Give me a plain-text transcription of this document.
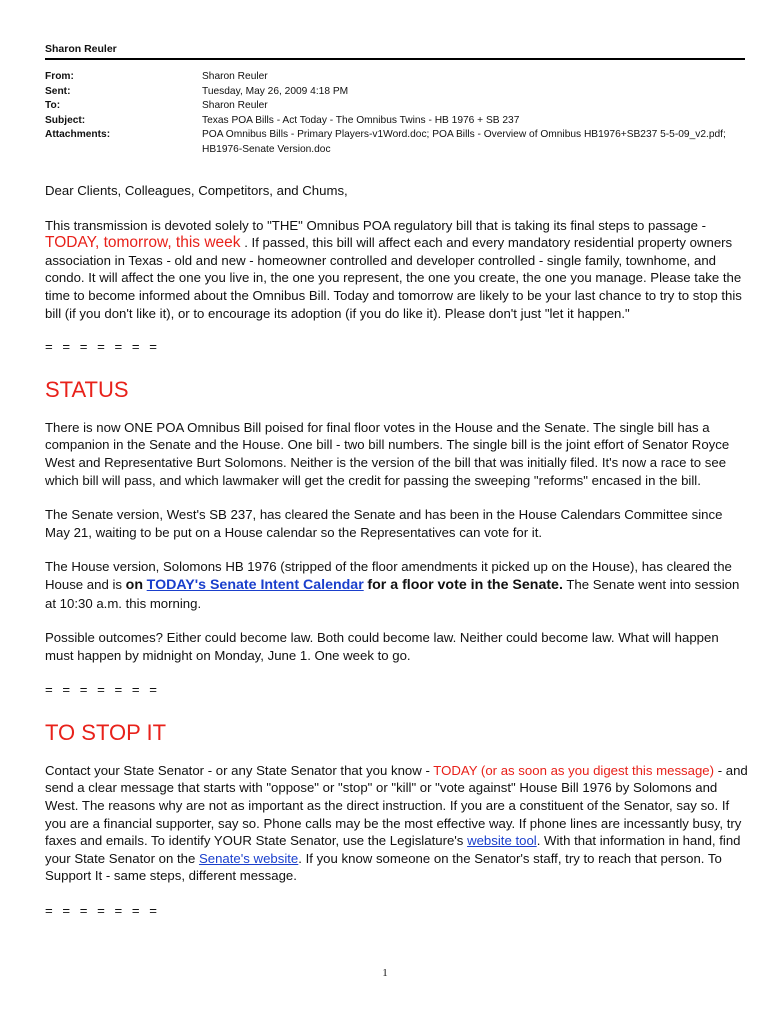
Sharon Reuler
From:	Sharon Reuler
Sent:	Tuesday, May 26, 2009 4:18 PM
To:	Sharon Reuler
Subject:	Texas POA Bills - Act Today - The Omnibus Twins - HB 1976 + SB 237
Attachments:	POA Omnibus Bills - Primary Players-v1Word.doc; POA Bills - Overview of Omnibus HB1976+SB237 5-5-09_v2.pdf;
HB1976-Senate Version.doc

Dear Clients, Colleagues, Competitors, and Chums,

This transmission is devoted solely to "THE" Omnibus POA regulatory bill that is taking its final steps to passage -
TODAY, tomorrow, this week . If passed, this bill will affect each and every mandatory residential property owners association in Texas - old and new - homeowner controlled and developer controlled - single family, townhome, and condo. It will affect the one you live in, the one you represent, the one you create, the one you manage. Please take the time to become informed about the Omnibus Bill. Today and tomorrow are likely to be your last chance to try to stop this bill (if you don't like it), or to encourage its adoption (if you do like it). Please don't just "let it happen."

= = = = = = =

STATUS

There is now ONE POA Omnibus Bill poised for final floor votes in the House and the Senate. The single bill has a companion in the Senate and the House. One bill - two bill numbers. The single bill is the joint effort of Senator Royce West and Representative Burt Solomons. Neither is the version of the bill that was initially filed. It's now a race to see which bill will pass, and which lawmaker will get the credit for passing the sweeping "reforms" encased in the bill.

The Senate version, West's SB 237, has cleared the Senate and has been in the House Calendars Committee since May 21, waiting to be put on a House calendar so the Representatives can vote for it.

The House version, Solomons HB 1976 (stripped of the floor amendments it picked up on the House), has cleared the House and is on TODAY's Senate Intent Calendar for a floor vote in the Senate. The Senate went into session at 10:30 a.m. this morning.

Possible outcomes? Either could become law. Both could become law. Neither could become law. What will happen must happen by midnight on Monday, June 1. One week to go.

= = = = = = =

TO STOP IT

Contact your State Senator - or any State Senator that you know - TODAY (or as soon as you digest this message) - and send a clear message that starts with "oppose" or "stop" or "kill" or "vote against" House Bill 1976 by Solomons and West. The reasons why are not as important as the direct instruction. If you are a constituent of the Senator, say so. If you are a financial supporter, say so. Phone calls may be the most effective way. If phone lines are incessantly busy, try faxes and emails. To identify YOUR State Senator, use the Legislature's website tool. With that information in hand, find your State Senator on the Senate's website. If you know someone on the Senator's staff, try to reach that person. To Support It - same steps, different message.

= = = = = = =

1
